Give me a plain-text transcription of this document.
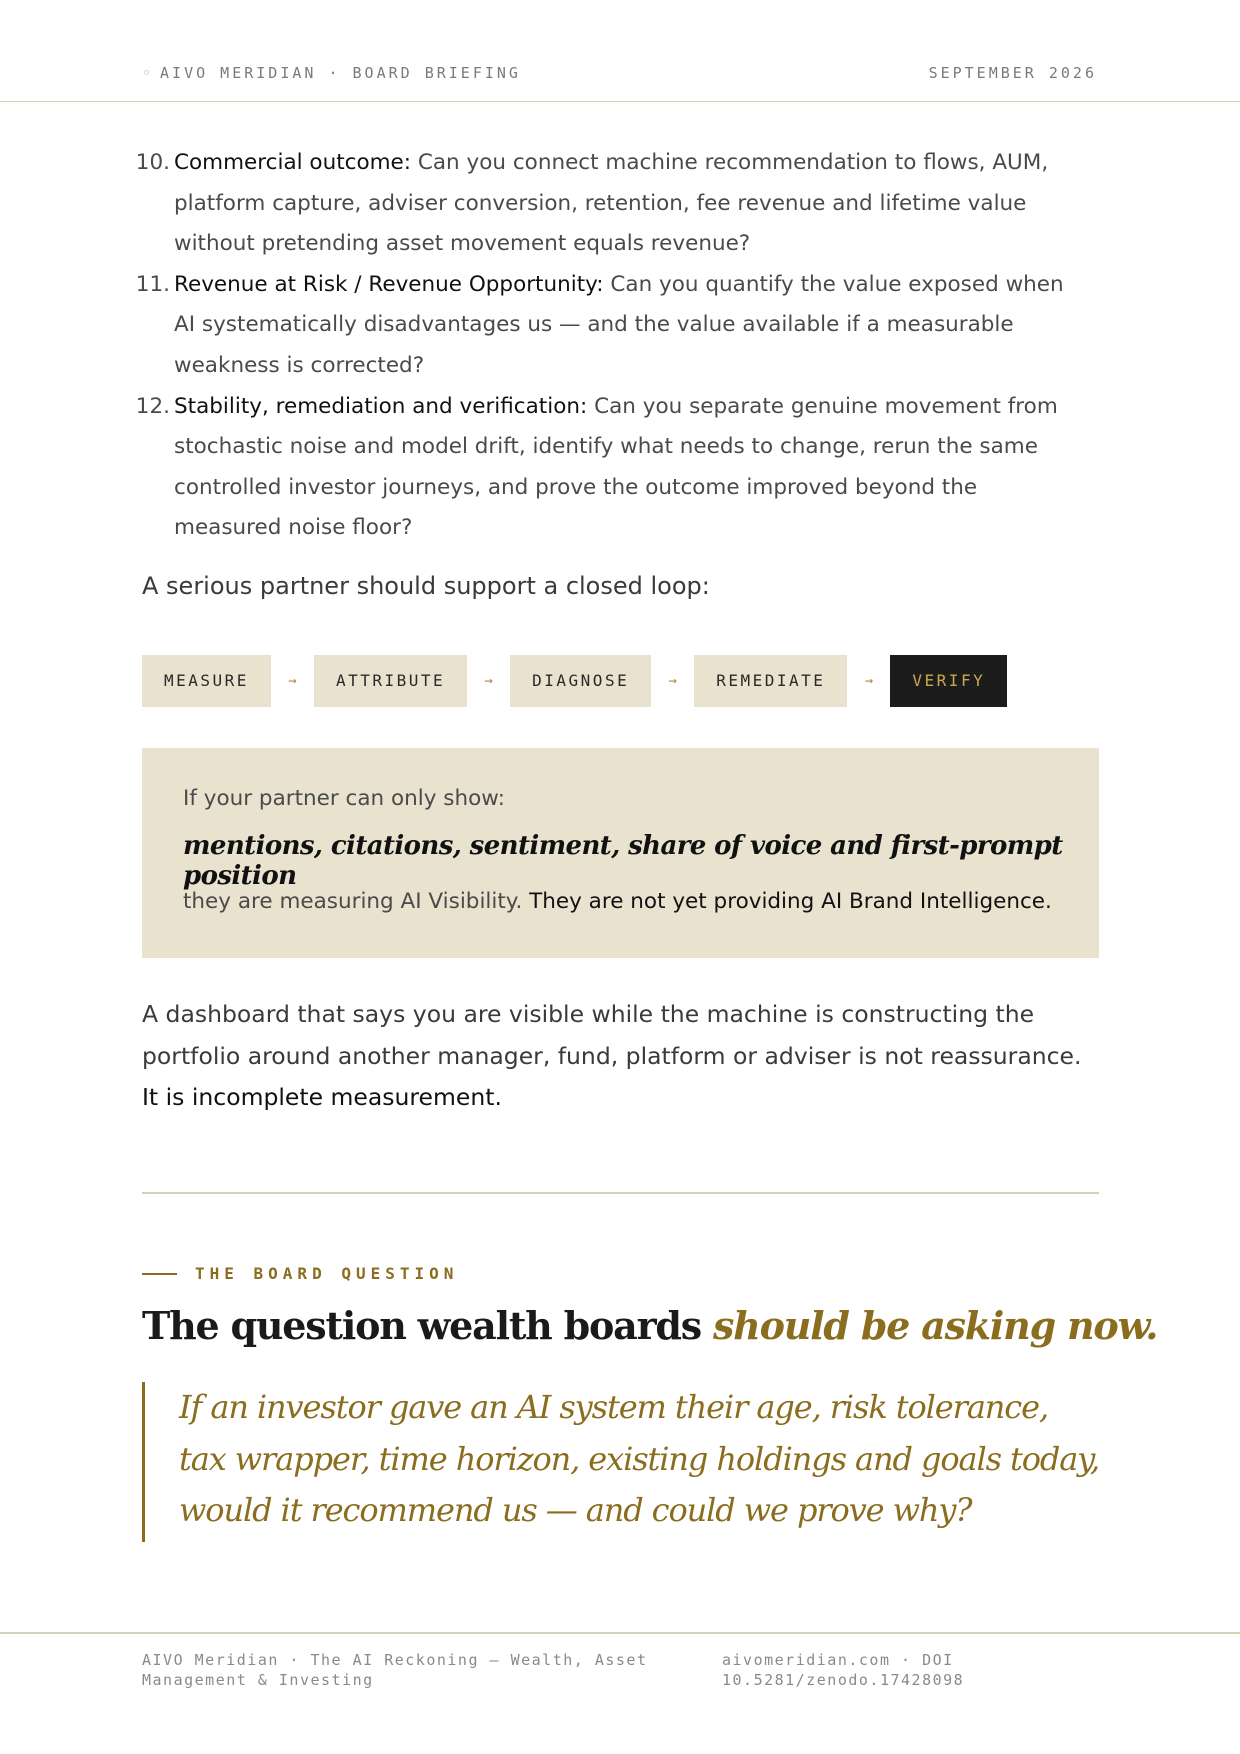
◦ AIVO MERIDIAN · BOARD BRIEFING	SEPTEMBER 2026
10. Commercial outcome: Can you connect machine recommendation to flows, AUM, platform capture, adviser conversion, retention, fee revenue and lifetime value without pretending asset movement equals revenue?
11. Revenue at Risk / Revenue Opportunity: Can you quantify the value exposed when AI systematically disadvantages us — and the value available if a measurable weakness is corrected?
12. Stability, remediation and verification: Can you separate genuine movement from stochastic noise and model drift, identify what needs to change, rerun the same controlled investor journeys, and prove the outcome improved beyond the measured noise floor?
A serious partner should support a closed loop:
MEASURE	→	ATTRIBUTE	→	DIAGNOSE	→	REMEDIATE	→	VERIFY
If your partner can only show:
mentions, citations, sentiment, share of voice and first-prompt position
they are measuring AI Visibility. They are not yet providing AI Brand Intelligence.

A dashboard that says you are visible while the machine is constructing the portfolio around another manager, fund, platform or adviser is not reassurance. It is incomplete measurement.

THE BOARD QUESTION
The question wealth boards should be asking now.
If an investor gave an AI system their age, risk tolerance, tax wrapper, time horizon, existing holdings and goals today, would it recommend us — and could we prove why?
AIVO Meridian · The AI Reckoning — Wealth, Asset Management & Investing
aivomeridian.com · DOI 10.5281/zenodo.17428098
